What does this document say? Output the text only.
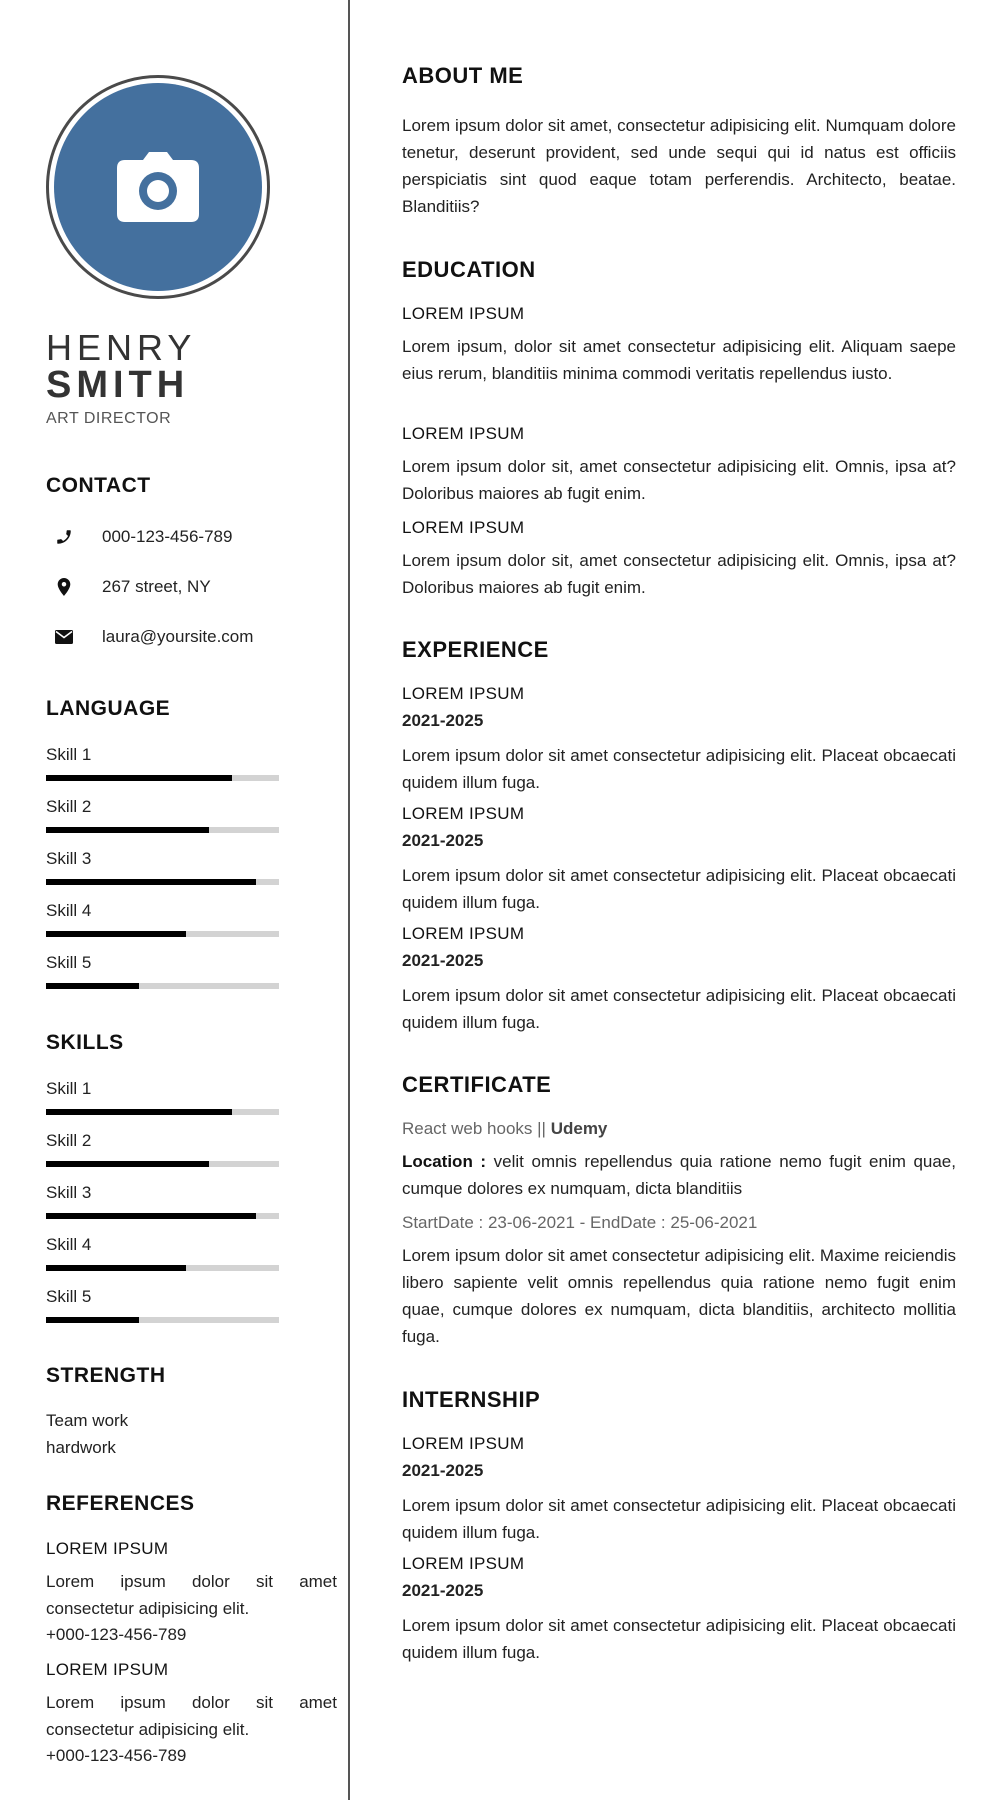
HENRY
SMITH
ART DIRECTOR
CONTACT
000-123-456-789
267 street, NY
laura@yoursite.com
LANGUAGE
Skill 1
Skill 2
Skill 3
Skill 4
Skill 5
SKILLS
Skill 1
Skill 2
Skill 3
Skill 4
Skill 5
STRENGTH
Team work
hardwork
REFERENCES
LOREM IPSUM
Lorem ipsum dolor sit amet consectetur adipisicing elit.
+000-123-456-789
LOREM IPSUM
Lorem ipsum dolor sit amet consectetur adipisicing elit.
+000-123-456-789
ABOUT ME
Lorem ipsum dolor sit amet, consectetur adipisicing elit. Numquam dolore tenetur, deserunt provident, sed unde sequi qui id natus est officiis perspiciatis sint quod eaque totam perferendis. Architecto, beatae. Blanditiis?
EDUCATION
LOREM IPSUM
Lorem ipsum, dolor sit amet consectetur adipisicing elit. Aliquam saepe eius rerum, blanditiis minima commodi veritatis repellendus iusto.
LOREM IPSUM
Lorem ipsum dolor sit, amet consectetur adipisicing elit. Omnis, ipsa at? Doloribus maiores ab fugit enim.
LOREM IPSUM
Lorem ipsum dolor sit, amet consectetur adipisicing elit. Omnis, ipsa at? Doloribus maiores ab fugit enim.
EXPERIENCE
LOREM IPSUM
2021-2025
Lorem ipsum dolor sit amet consectetur adipisicing elit. Placeat obcaecati quidem illum fuga.
LOREM IPSUM
2021-2025
Lorem ipsum dolor sit amet consectetur adipisicing elit. Placeat obcaecati quidem illum fuga.
LOREM IPSUM
2021-2025
Lorem ipsum dolor sit amet consectetur adipisicing elit. Placeat obcaecati quidem illum fuga.
CERTIFICATE
React web hooks || Udemy
Location : velit omnis repellendus quia ratione nemo fugit enim quae, cumque dolores ex numquam, dicta blanditiis
StartDate : 23-06-2021 - EndDate : 25-06-2021
Lorem ipsum dolor sit amet consectetur adipisicing elit. Maxime reiciendis libero sapiente velit omnis repellendus quia ratione nemo fugit enim quae, cumque dolores ex numquam, dicta blanditiis, architecto mollitia fuga.
INTERNSHIP
LOREM IPSUM
2021-2025
Lorem ipsum dolor sit amet consectetur adipisicing elit. Placeat obcaecati quidem illum fuga.
LOREM IPSUM
2021-2025
Lorem ipsum dolor sit amet consectetur adipisicing elit. Placeat obcaecati quidem illum fuga.
